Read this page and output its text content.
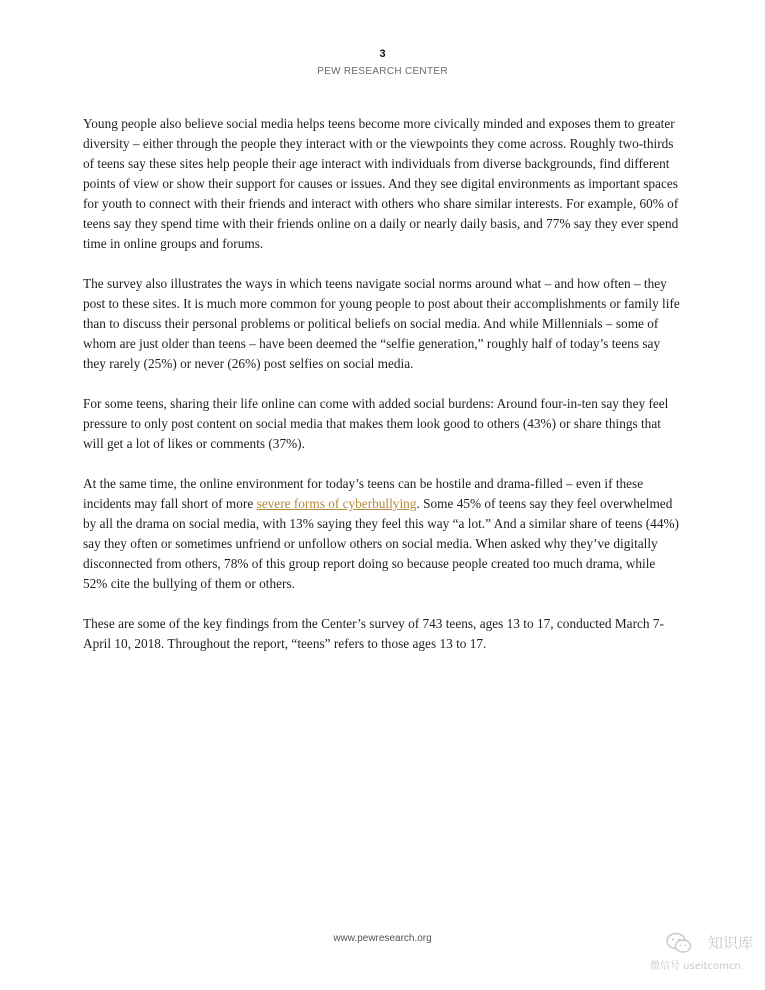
3
PEW RESEARCH CENTER

Young people also believe social media helps teens become more civically minded and exposes them to greater diversity – either through the people they interact with or the viewpoints they come across. Roughly two-thirds of teens say these sites help people their age interact with individuals from diverse backgrounds, find different points of view or show their support for causes or issues. And they see digital environments as important spaces for youth to connect with their friends and interact with others who share similar interests. For example, 60% of teens say they spend time with their friends online on a daily or nearly daily basis, and 77% say they ever spend time in online groups and forums.

The survey also illustrates the ways in which teens navigate social norms around what – and how often – they post to these sites. It is much more common for young people to post about their accomplishments or family life than to discuss their personal problems or political beliefs on social media. And while Millennials – some of whom are just older than teens – have been deemed the “selfie generation,” roughly half of today’s teens say they rarely (25%) or never (26%) post selfies on social media.

For some teens, sharing their life online can come with added social burdens: Around four-in-ten say they feel pressure to only post content on social media that makes them look good to others (43%) or share things that will get a lot of likes or comments (37%).

At the same time, the online environment for today’s teens can be hostile and drama-filled – even if these incidents may fall short of more severe forms of cyberbullying. Some 45% of teens say they feel overwhelmed by all the drama on social media, with 13% saying they feel this way “a lot.” And a similar share of teens (44%) say they often or sometimes unfriend or unfollow others on social media. When asked why they’ve digitally disconnected from others, 78% of this group report doing so because people created too much drama, while 52% cite the bullying of them or others.

These are some of the key findings from the Center’s survey of 743 teens, ages 13 to 17, conducted March 7-April 10, 2018. Throughout the report, “teens” refers to those ages 13 to 17.

www.pewresearch.org	知识库
微信号 useitcomcn
